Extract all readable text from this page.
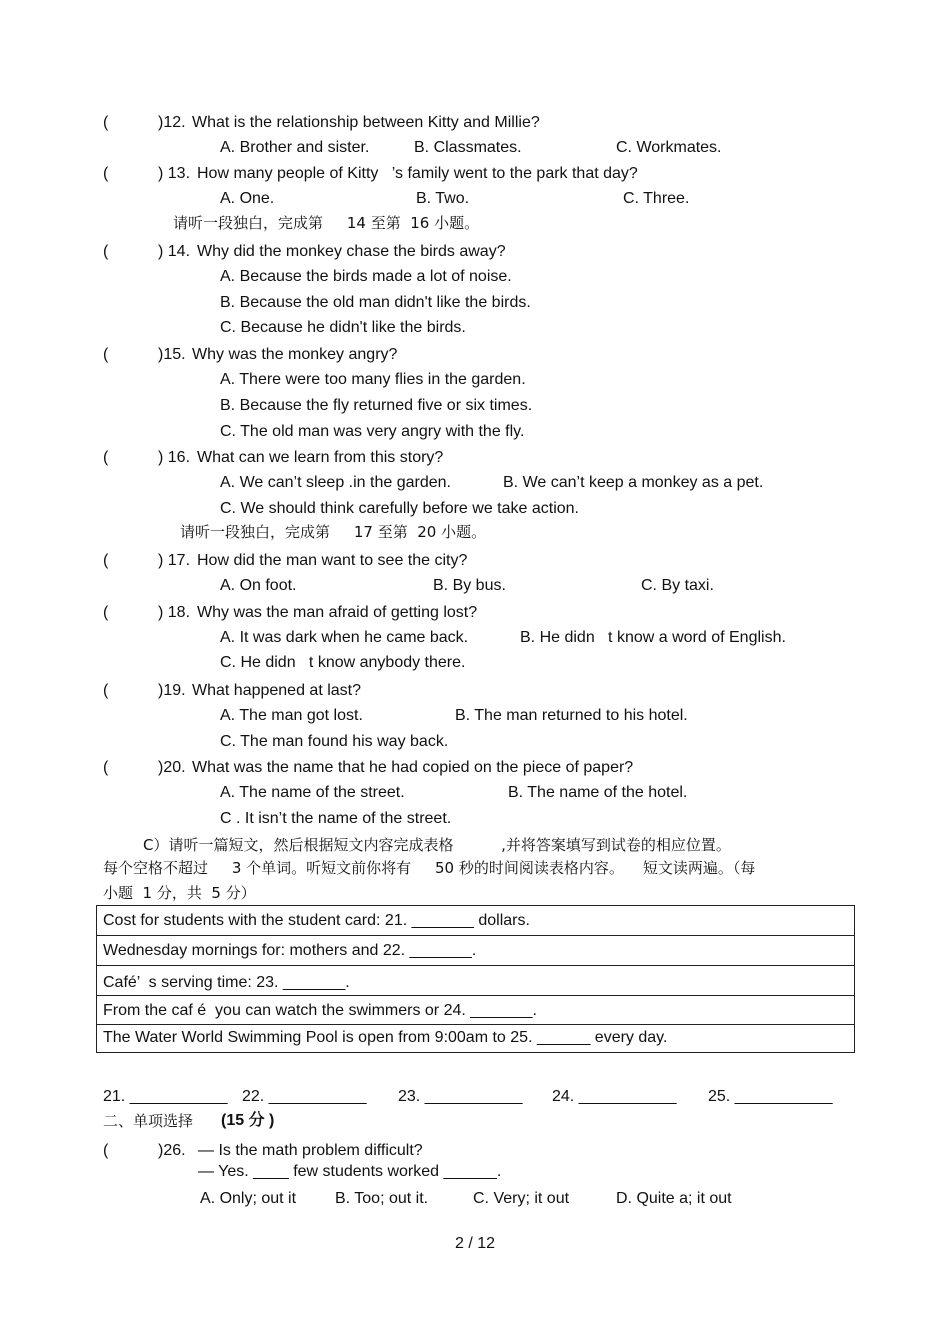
(	)12. What is the relationship between Kitty and Millie?
A. Brother and sister.	B. Classmates.	C. Workmates.
(	) 13. How many people of Kitty   ’s family went to the park that day?
A. One.	B. Two.	C. Three.
请听一段独白，完成第     14 至第  16 小题。
(	) 14. Why did the monkey chase the birds away?
A. Because the birds made a lot of noise.
B. Because the old man didn't like the birds.
C. Because he didn't like the birds.
(	)15. Why was the monkey angry?
A. There were too many flies in the garden.
B. Because the fly returned five or six times.
C. The old man was very angry with the fly.
(	) 16. What can we learn from this story?
A. We can’t sleep .in the garden.	B. We can’t keep a monkey as a pet.
C. We should think carefully before we take action.
请听一段独白，完成第     17 至第  20 小题。
(	) 17. How did the man want to see the city?
A. On foot.	B. By bus.	C. By taxi.
(	) 18. Why was the man afraid of getting lost?
A. It was dark when he came back.	B. He didn   t know a word of English.
C. He didn   t know anybody there.
(	)19. What happened at last?
A. The man got lost.	B. The man returned to his hotel.
C. The man found his way back.
(	)20. What was the name that he had copied on the piece of paper?
A. The name of the street.	B. The name of the hotel.
C . It isn’t the name of the street.
C）请听一篇短文，然后根据短文内容完成表格          ,并将答案填写到试卷的相应位置。
每个空格不超过     3 个单词。听短文前你将有     50 秒的时间阅读表格内容。    短文读两遍。（每
小题  1 分，共  5 分）
Cost for students with the student card: 21. _______ dollars.
Wednesday mornings for: mothers and 22. _______.
Café’  s serving time: 23. _______.
From the caf é  you can watch the swimmers or 24. _______.
The Water World Swimming Pool is open from 9:00am to 25. ______ every day.
21. ___________ 22. ___________ 23. ___________ 24. ___________ 25. ___________
二、单项选择 (15 分 )
(	)26. — Is the math problem difficult?
— Yes. ____ few students worked ______.
A. Only; out it B. Too; out it.	C. Very; it out	D. Quite a; it out
2 / 12
